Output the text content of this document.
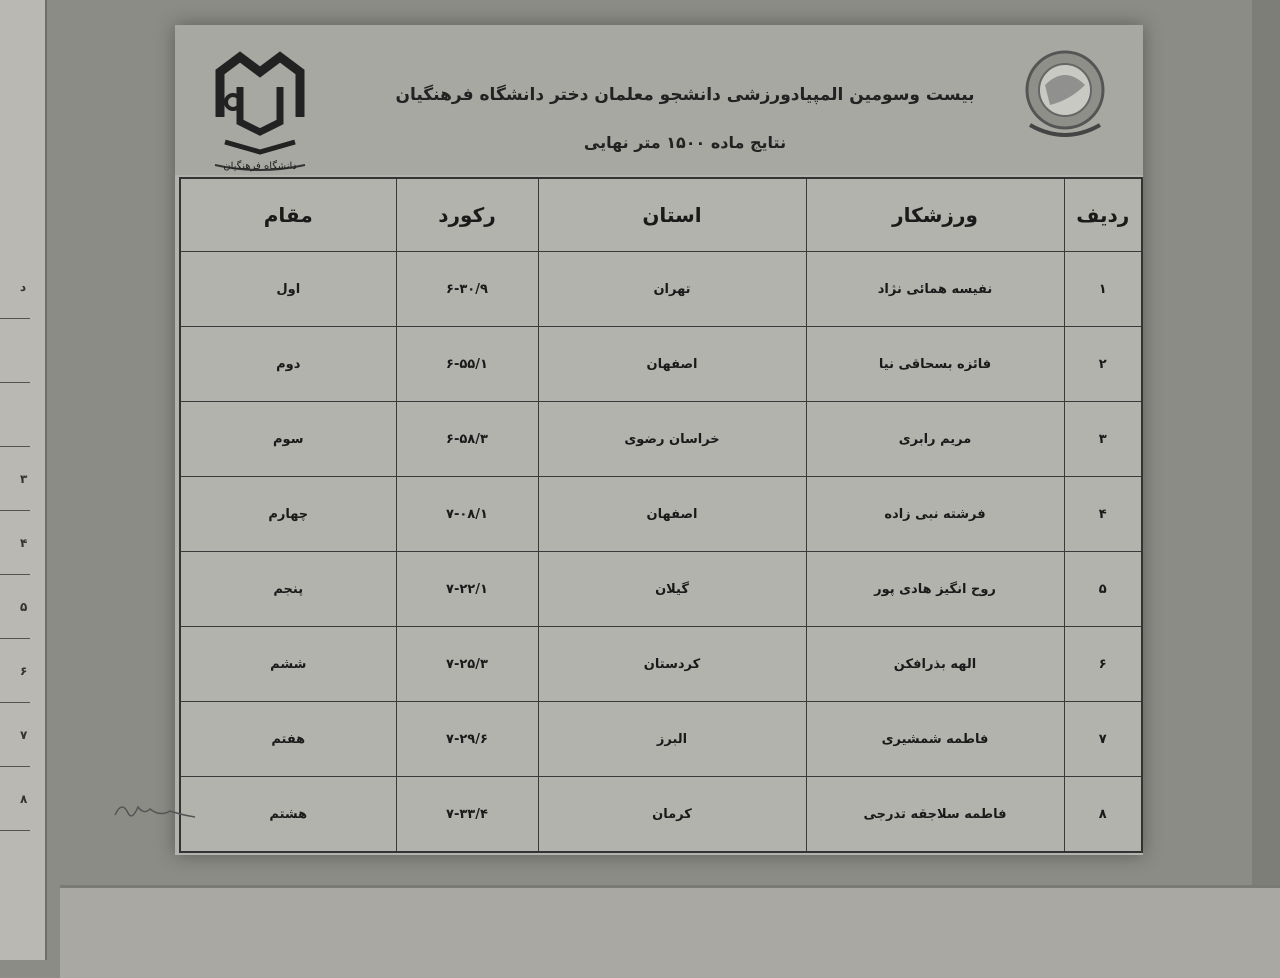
د
۳
۴
۵
۶
۷
۸
دانشگاه فرهنگیان
بیست وسومین المپیادورزشی دانشجو معلمان دختر دانشگاه فرهنگیان
نتایج ماده ۱۵۰۰ متر نهایی
ردیف	ورزشکار	استان	رکورد	مقام
۱	نفیسه همائی نژاد	تهران	۶-۳۰/۹	اول
۲	فائزه بسحاقی نیا	اصفهان	۶-۵۵/۱	دوم
۳	مریم رابری	خراسان رضوی	۶-۵۸/۳	سوم
۴	فرشته نبی زاده	اصفهان	۷-۰۸/۱	چهارم
۵	روح انگیز هادی پور	گیلان	۷-۲۲/۱	پنجم
۶	الهه بذرافکن	کردستان	۷-۲۵/۳	ششم
۷	فاطمه شمشیری	البرز	۷-۲۹/۶	هفتم
۸	فاطمه سلاجقه تدرجی	کرمان	۷-۳۳/۴	هشتم
